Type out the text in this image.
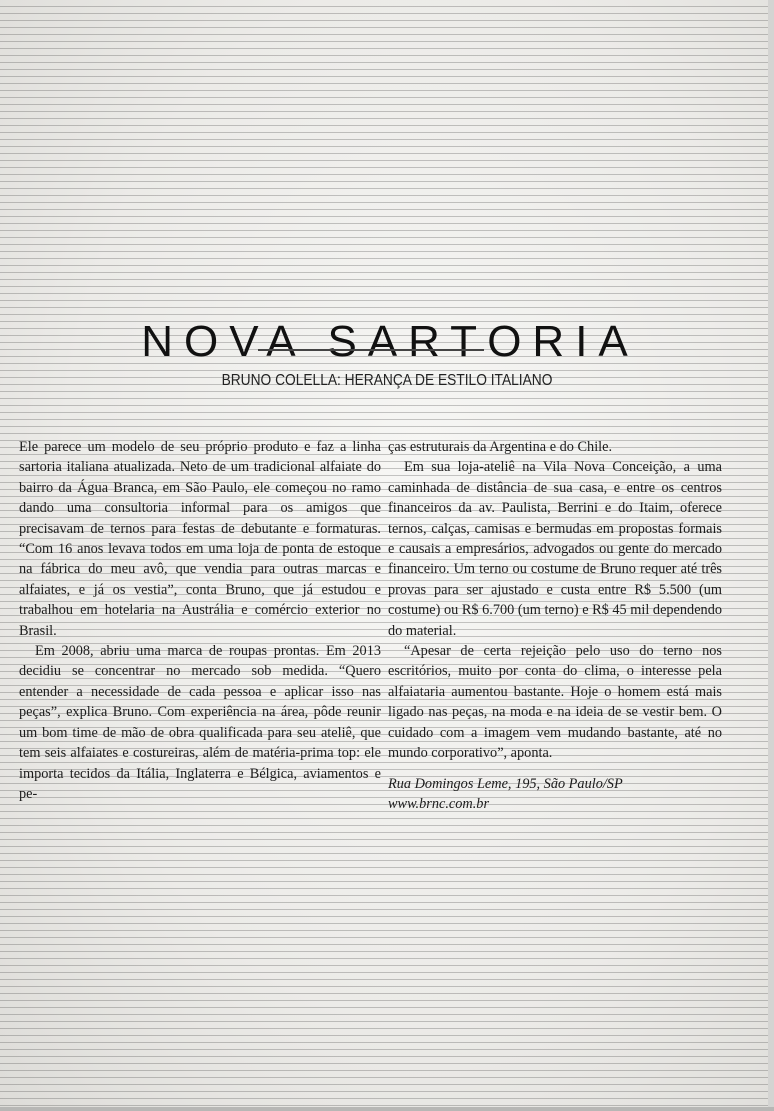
NOVA SARTORIA
BRUNO COLELLA: HERANÇA DE ESTILO ITALIANO

Ele parece um modelo de seu próprio produto e faz a linha sartoria italiana atualizada. Neto de um tradicional alfaiate do bairro da Água Branca, em São Paulo, ele começou no ramo dando uma consultoria informal para os amigos que precisavam de ternos para festas de debutante e formaturas. “Com 16 anos levava todos em uma loja de ponta de estoque na fábrica do meu avô, que vendia para outras marcas e alfaiates, e já os vestia”, conta Bruno, que já estudou e trabalhou em hotelaria na Austrália e comércio exterior no Brasil.

Em 2008, abriu uma marca de roupas prontas. Em 2013 decidiu se concentrar no mercado sob medida. “Quero entender a necessidade de cada pessoa e aplicar isso nas peças”, explica Bruno. Com experiência na área, pôde reunir um bom time de mão de obra qualificada para seu ateliê, que tem seis alfaiates e costureiras, além de matéria-prima top: ele importa tecidos da Itália, Inglaterra e Bélgica, aviamentos e pe-

ças estruturais da Argentina e do Chile.

Em sua loja-ateliê na Vila Nova Conceição, a uma caminhada de distância de sua casa, e entre os centros financeiros da av. Paulista, Berrini e do Itaim, oferece ternos, calças, camisas e bermudas em propostas formais e causais a empresários, advogados ou gente do mercado financeiro. Um terno ou costume de Bruno requer até três provas para ser ajustado e custa entre R$ 5.500 (um costume) ou R$ 6.700 (um terno) e R$ 45 mil dependendo do material.

“Apesar de certa rejeição pelo uso do terno nos escritórios, muito por conta do clima, o interesse pela alfaiataria aumentou bastante. Hoje o homem está mais ligado nas peças, na moda e na ideia de se vestir bem. O cuidado com a imagem vem mudando bastante, até no mundo corporativo”, aponta.

Rua Domingos Leme, 195, São Paulo/SP

www.brnc.com.br
